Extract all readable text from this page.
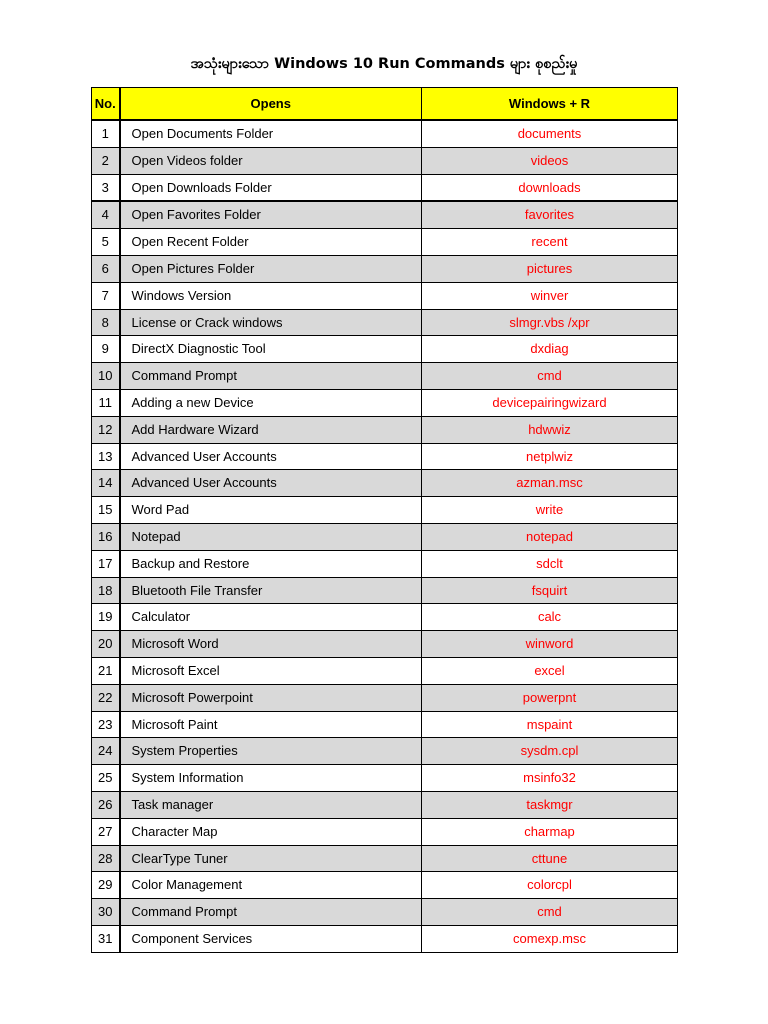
အသုံးများသော Windows 10 Run Commands များ စုစည်းမှု
No.	Opens	Windows + R
1	Open Documents Folder	documents
2	Open Videos folder	videos
3	Open Downloads Folder	downloads
4	Open Favorites Folder	favorites
5	Open Recent Folder	recent
6	Open Pictures Folder	pictures
7	Windows Version	winver
8	License or Crack windows	slmgr.vbs /xpr
9	DirectX Diagnostic Tool	dxdiag
10	Command Prompt	cmd
11	Adding a new Device	devicepairingwizard
12	Add Hardware Wizard	hdwwiz
13	Advanced User Accounts	netplwiz
14	Advanced User Accounts	azman.msc
15	Word Pad	write
16	Notepad	notepad
17	Backup and Restore	sdclt
18	Bluetooth File Transfer	fsquirt
19	Calculator	calc
20	Microsoft Word	winword
21	Microsoft Excel	excel
22	Microsoft Powerpoint	powerpnt
23	Microsoft Paint	mspaint
24	System Properties	sysdm.cpl
25	System Information	msinfo32
26	Task manager	taskmgr
27	Character Map	charmap
28	ClearType Tuner	cttune
29	Color Management	colorcpl
30	Command Prompt	cmd
31	Component Services	comexp.msc
